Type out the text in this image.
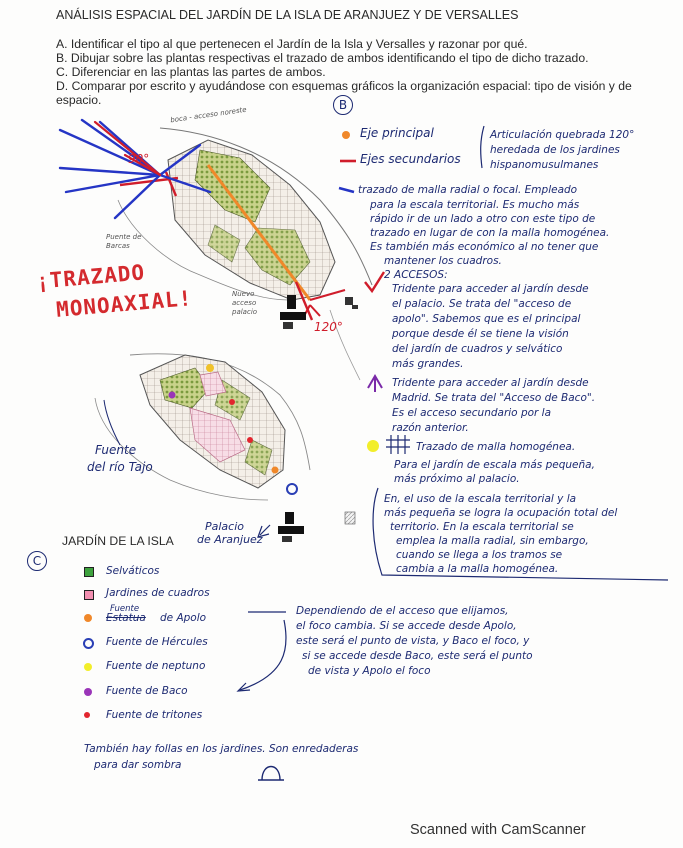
ANÁLISIS ESPACIAL DEL JARDÍN DE LA ISLA DE ARANJUEZ Y DE VERSALLES
A. Identificar el tipo al que pertenecen el Jardín de la Isla y Versalles y razonar por qué.
B. Dibujar sobre las plantas respectivas el trazado de ambos identificando el tipo de dicho trazado.
C. Diferenciar en las plantas las partes de ambos.
D. Comparar por escrito y ayudándose con esquemas gráficos la organización espacial: tipo de visión y de
espacio.	B
90°
120°
boca - acceso noreste
Puente de Barcas
Nuevo acceso palacio
Fuente
del río Tajo
Palacio
de Aranjuez
¡TRAZADO
MONOAXIAL!
Eje principal
Ejes secundarios
Articulación quebrada 120°
heredada de los jardines
hispanomusulmanes
trazado de malla radial o focal. Empleado
para la escala territorial. Es mucho más
rápido ir de un lado a otro con este tipo de
trazado en lugar de con la malla homogénea.
Es también más económico al no tener que
mantener los cuadros.
2 ACCESOS:
Tridente para acceder al jardín desde
el palacio. Se trata del "acceso de
apolo". Sabemos que es el principal
porque desde él se tiene la visión
del jardín de cuadros y selvático
más grandes.
Tridente para acceder al jardín desde
Madrid. Se trata del "Acceso de Baco".
Es el acceso secundario por la
razón anterior.
Trazado de malla homogénea.
Para el jardín de escala más pequeña,
más próximo al palacio.
En, el uso de la escala territorial y la
más pequeña se logra la ocupación total del
territorio. En la escala territorial se
emplea la malla radial, sin embargo,
cuando se llega a los tramos se
cambia a la malla homogénea.
C
JARDÍN DE LA ISLA
Selváticos
Jardines de cuadros
Fuente
Estatua de Apolo
Fuente de Hércules
Fuente de neptuno
Fuente de Baco
Fuente de tritones
Dependiendo de el acceso que elijamos,
el foco cambia. Si se accede desde Apolo,
este será el punto de vista, y Baco el foco, y
si se accede desde Baco, este será el punto
de vista y Apolo el foco
También hay follas en los jardines. Son enredaderas
para dar sombra
Scanned with CamScanner
